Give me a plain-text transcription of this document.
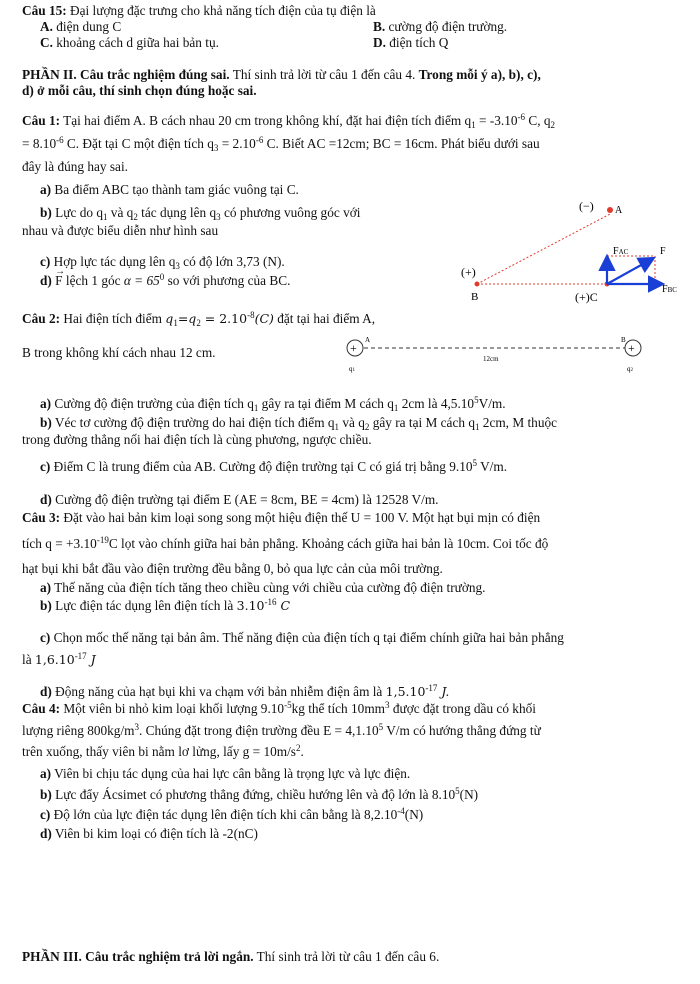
Câu 15: Đại lượng đặc trưng cho khả năng tích điện của tụ điện là
A. điện dung C	B. cường độ điện trường.
C. khoảng cách d giữa hai bản tụ.	D. điện tích Q
PHẦN II. Câu trắc nghiệm đúng sai. Thí sinh trả lời từ câu 1 đến câu 4. Trong mỗi ý a), b), c),
d) ở mỗi câu, thí sinh chọn đúng hoặc sai.
Câu 1: Tại hai điểm A. B cách nhau 20 cm trong không khí, đặt hai điện tích điểm $q_1 = -3.10^{-6}$ C, $q_2$
= $8.10^{-6}$ C. Đặt tại C một điện tích $q_3 = 2.10^{-6}$ C. Biết AC =12cm; BC = 16cm. Phát biểu dưới sau
đây là đúng hay sai.
a) Ba điểm ABC tạo thành tam giác vuông tại C.
b) Lực do $q_1$ và $q_2$ tác dụng lên $q_3$ có phương vuông góc với
nhau và được biểu diễn như hình sau
c) Hợp lực tác dụng lên $q_3$ có độ lớn 3,73 (N).
d) F
→
lệch 1 góc $\alpha = 65^0$ so với phương của BC.
(−) A
FAC	F
(+)
B	(+)C
FBC
Câu 2: Hai điện tích điểm $q_1=q_2 = 2.10^{-8}(C)$ đặt tại hai điểm A,
B trong không khí cách nhau 12 cm.	+	+
A	B
12cm
q1	q2
a) Cường độ điện trường của điện tích $q_1$ gây ra tại điểm M cách $q_1$ 2cm là 4,5.10$^5$V/m.
b) Véc tơ cường độ điện trường do hai điện tích điểm $q_1$ và $q_2$ gây ra tại M cách $q_1$ 2cm, M thuộc
trong đường thẳng nối hai điện tích là cùng phương, ngược chiều.
c) Điểm C là trung điểm của AB. Cường độ điện trường tại C có giá trị bằng 9.10$^5$ V/m.
d) Cường độ điện trường tại điểm E (AE = 8cm, BE = 4cm) là 12528 V/m.
Câu 3: Đặt vào hai bản kim loại song song một hiệu điện thế U = 100 V. Một hạt bụi mịn có điện
tích $q = +3.10^{-19}C$ lọt vào chính giữa hai bản phẳng. Khoảng cách giữa hai bản là 10cm. Coi tốc độ
hạt bụi khi bắt đầu vào điện trường đều bằng 0, bỏ qua lực cản của môi trường.
a) Thế năng của điện tích tăng theo chiều cùng với chiều của cường độ điện trường.
b) Lực điện tác dụng lên điện tích là $3.10^{-16}$ C
c) Chọn mốc thế năng tại bản âm. Thế năng điện của điện tích q tại điểm chính giữa hai bản phẳng
là $1,6.10^{-17}$ J
d) Động năng của hạt bụi khi va chạm với bản nhiễm điện âm là $1,5.10^{-17}$ J.
Câu 4: Một viên bi nhỏ kim loại khối lượng $9.10^{-5}kg$ thể tích $10mm^3$ được đặt trong dầu có khối
lượng riêng $800kg/m^3$. Chúng đặt trong điện trường đều $E = 4,1.10^5$ V/m có hướng thẳng đứng từ
trên xuống, thấy viên bi nằm lơ lửng, lấy $g = 10m/s^2$.
a) Viên bi chịu tác dụng của hai lực cân bằng là trọng lực và lực điện.
b) Lực đẩy Ácsimet có phương thẳng đứng, chiều hướng lên và độ lớn là 8.10$^5$(N)
c) Độ lớn của lực điện tác dụng lên điện tích khi cân bằng là $8,2.10^{-4}(N)$
d) Viên bi kim loại có điện tích là -2(nC)
PHẦN III. Câu trắc nghiệm trả lời ngắn. Thí sinh trả lời từ câu 1 đến câu 6.
